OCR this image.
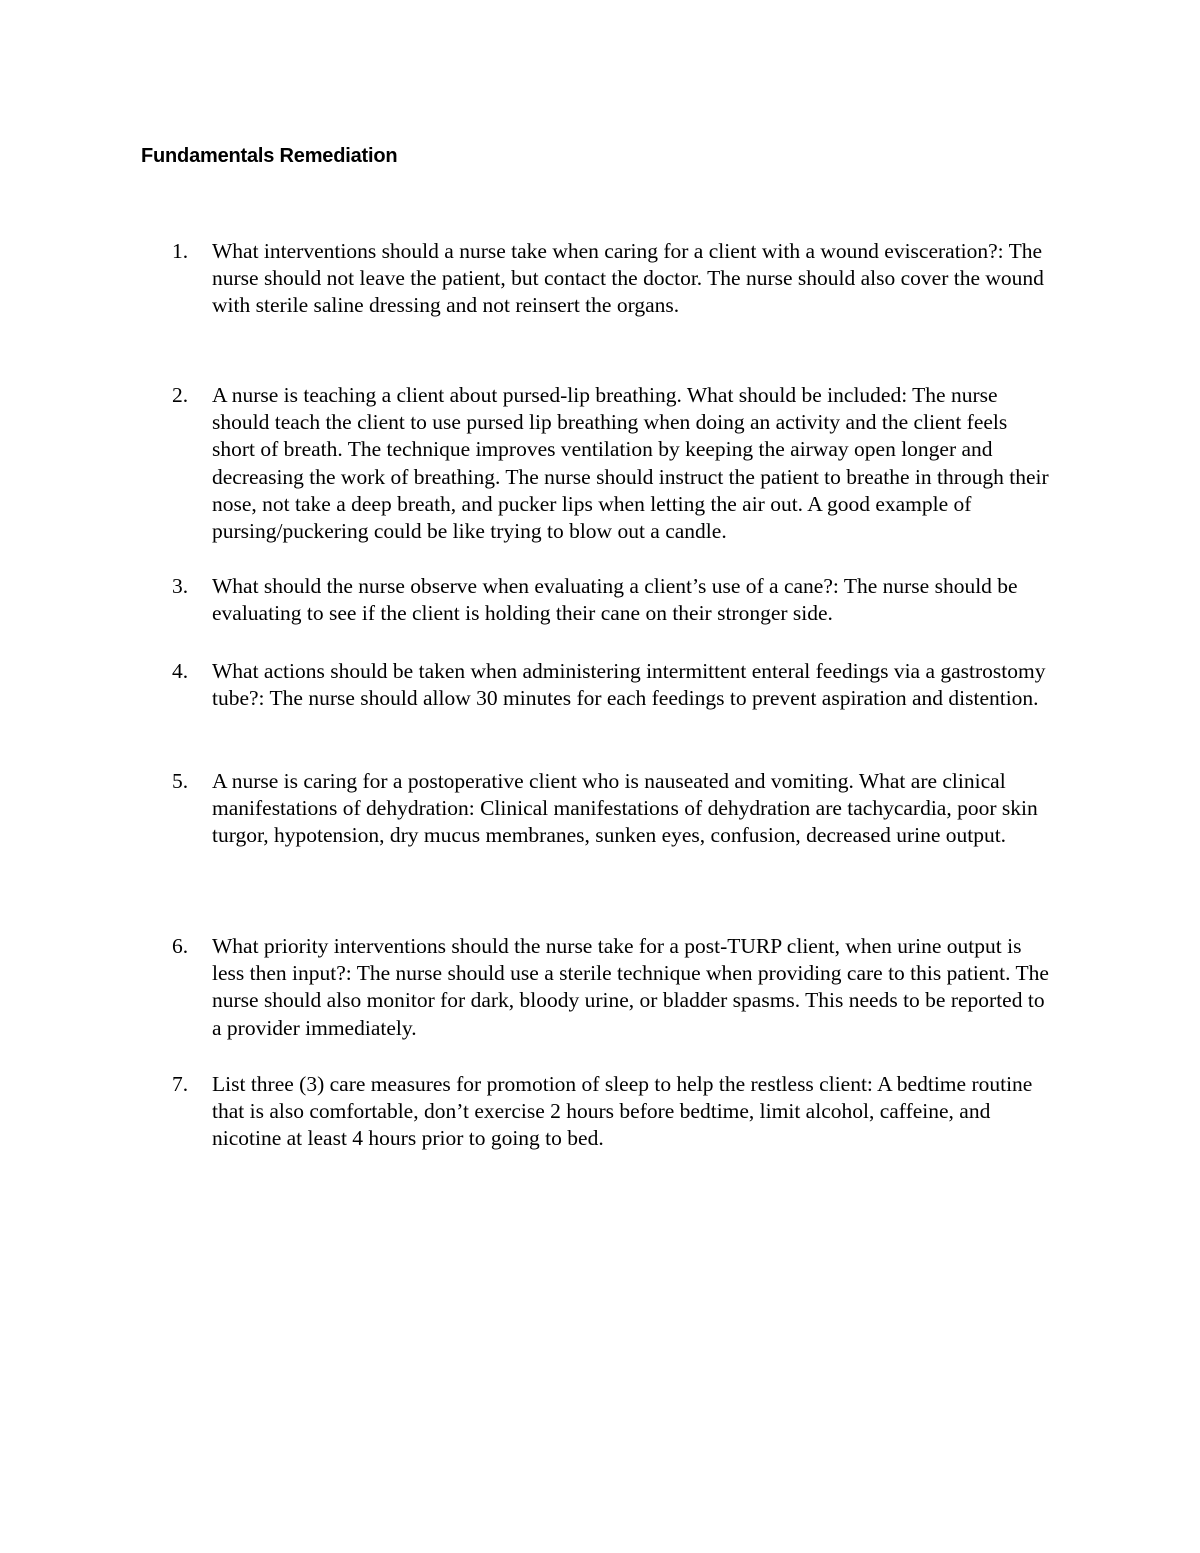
Fundamentals Remediation
1.	What interventions should a nurse take when caring for a client with a wound evisceration?: The nurse should not leave the patient, but contact the doctor. The nurse should also cover the wound with sterile saline dressing and not reinsert the organs.
2.	A nurse is teaching a client about pursed-lip breathing. What should be included: The nurse should teach the client to use pursed lip breathing when doing an activity and the client feels short of breath. The technique improves ventilation by keeping the airway open longer and decreasing the work of breathing. The nurse should instruct the patient to breathe in through their nose, not take a deep breath, and pucker lips when letting the air out. A good example of pursing/puckering could be like trying to blow out a candle.
3.	What should the nurse observe when evaluating a client’s use of a cane?: The nurse should be evaluating to see if the client is holding their cane on their stronger side.
4.	What actions should be taken when administering intermittent enteral feedings via a gastrostomy tube?: The nurse should allow 30 minutes for each feedings to prevent aspiration and distention.
5.	A nurse is caring for a postoperative client who is nauseated and vomiting. What are clinical manifestations of dehydration: Clinical manifestations of dehydration are tachycardia, poor skin turgor, hypotension, dry mucus membranes, sunken eyes, confusion, decreased urine output.
6.	What priority interventions should the nurse take for a post-TURP client, when urine output is less then input?: The nurse should use a sterile technique when providing care to this patient. The nurse should also monitor for dark, bloody urine, or bladder spasms. This needs to be reported to a provider immediately.
7.	List three (3) care measures for promotion of sleep to help the restless client: A bedtime routine that is also comfortable, don’t exercise 2 hours before bedtime, limit alcohol, caffeine, and nicotine at least 4 hours prior to going to bed.
